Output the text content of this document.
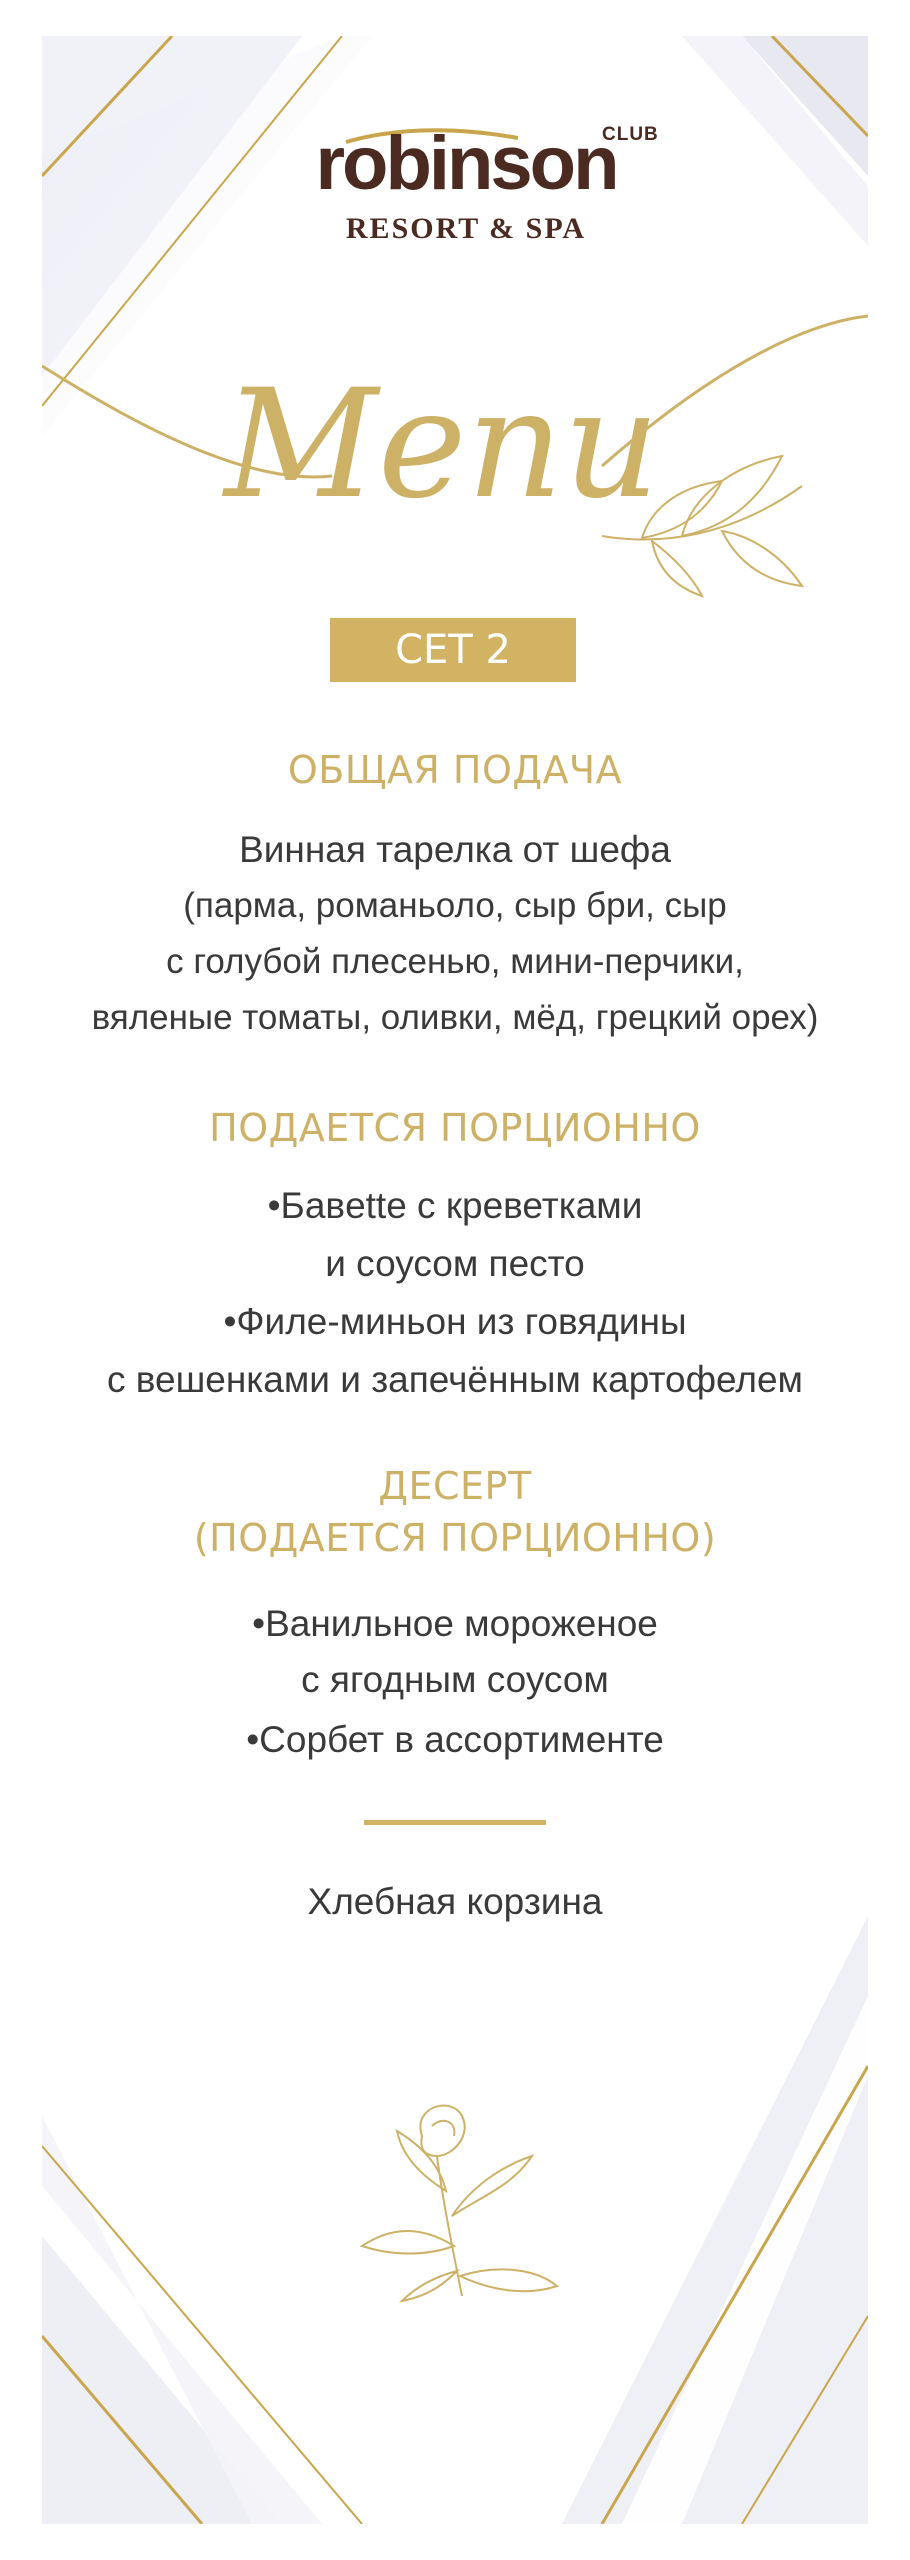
CLUB
robinson
RESORT & SPA
Menu
СЕТ 2
ОБЩАЯ ПОДАЧА
Винная тарелка от шефа
(парма, романьоло, сыр бри, сыр
с голубой плесенью, мини-перчики,
вяленые томаты, оливки, мёд, грецкий орех)
ПОДАЕТСЯ ПОРЦИОННО
•Бавette с креветками
и соусом песто
•Филе-миньон из говядины
с вешенками и запечённым картофелем
ДЕСЕРТ
(ПОДАЕТСЯ ПОРЦИОННО)
•Ванильное мороженое
с ягодным соусом
•Сорбет в ассортименте
Хлебная корзина
